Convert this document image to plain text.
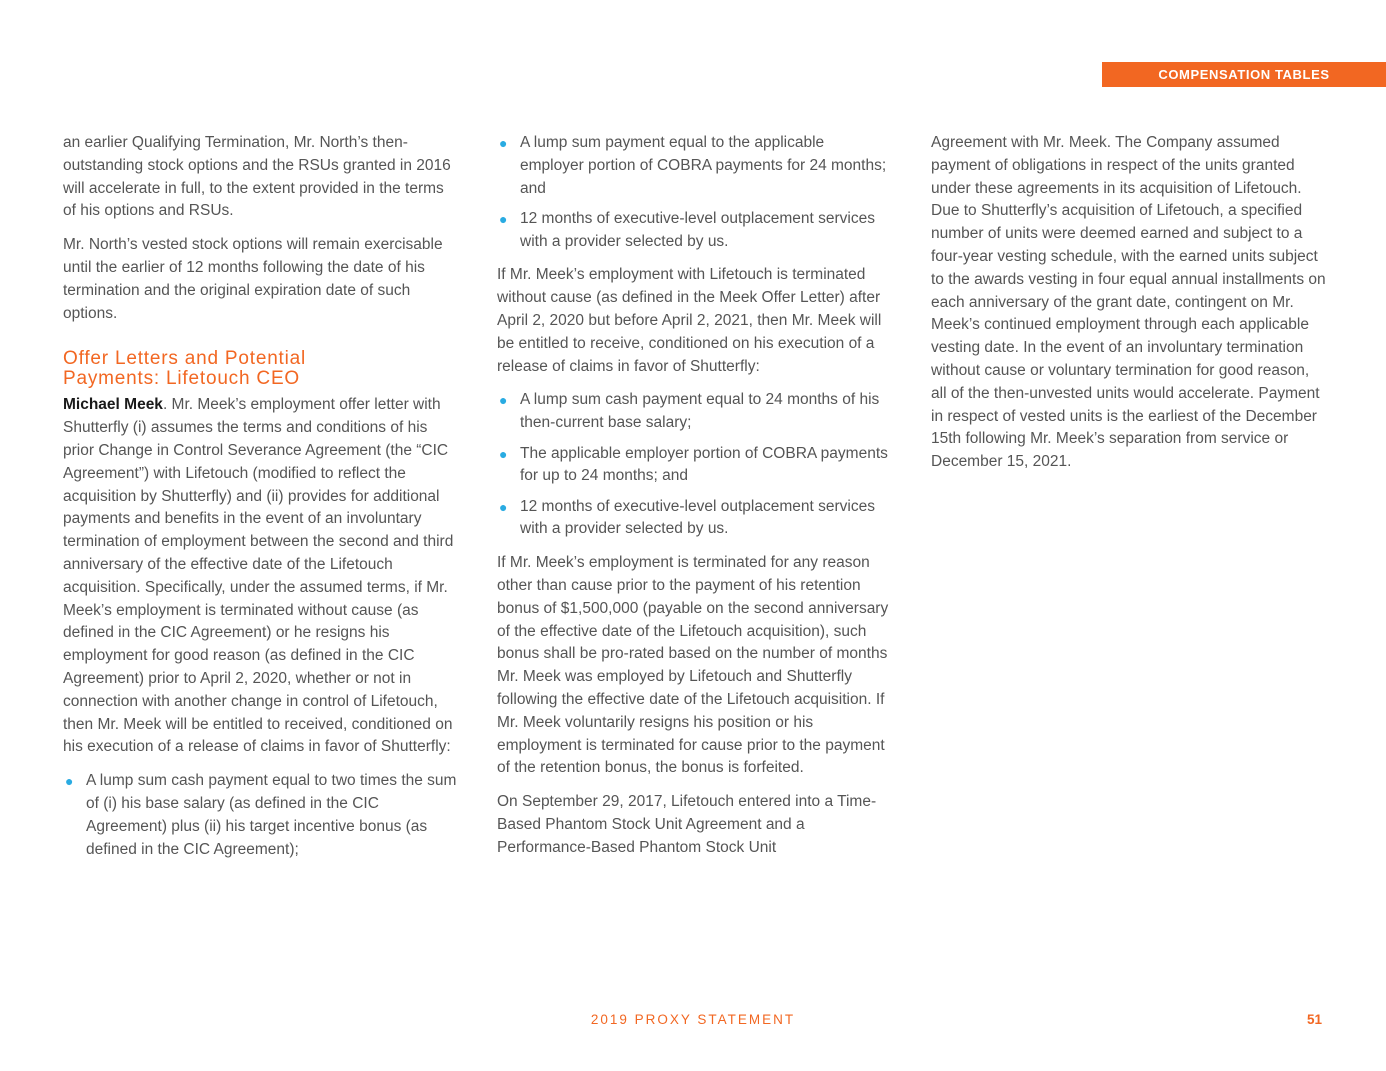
COMPENSATION TABLES

an earlier Qualifying Termination, Mr. North’s then-outstanding stock options and the RSUs granted in 2016 will accelerate in full, to the extent provided in the terms of his options and RSUs.

Mr. North’s vested stock options will remain exercisable until the earlier of 12 months following the date of his termination and the original expiration date of such options.

Offer Letters and Potential
Payments: Lifetouch CEO

Michael Meek. Mr. Meek’s employment offer letter with Shutterfly (i) assumes the terms and conditions of his prior Change in Control Severance Agreement (the “CIC Agreement”) with Lifetouch (modified to reflect the acquisition by Shutterfly) and (ii) provides for additional payments and benefits in the event of an involuntary termination of employment between the second and third anniversary of the effective date of the Lifetouch acquisition. Specifically, under the assumed terms, if Mr. Meek’s employment is terminated without cause (as defined in the CIC Agreement) or he resigns his employment for good reason (as defined in the CIC Agreement) prior to April 2, 2020, whether or not in connection with another change in control of Lifetouch, then Mr. Meek will be entitled to received, conditioned on his execution of a release of claims in favor of Shutterfly:

● A lump sum cash payment equal to two times the sum of (i) his base salary (as defined in the CIC Agreement) plus (ii) his target incentive bonus (as defined in the CIC Agreement);
● A lump sum payment equal to the applicable employer portion of COBRA payments for 24 months; and
● 12 months of executive-level outplacement services with a provider selected by us.

If Mr. Meek’s employment with Lifetouch is terminated without cause (as defined in the Meek Offer Letter) after April 2, 2020 but before April 2, 2021, then Mr. Meek will be entitled to receive, conditioned on his execution of a release of claims in favor of Shutterfly:

● A lump sum cash payment equal to 24 months of his then-current base salary;
● The applicable employer portion of COBRA payments for up to 24 months; and
● 12 months of executive-level outplacement services with a provider selected by us.

If Mr. Meek’s employment is terminated for any reason other than cause prior to the payment of his retention bonus of $1,500,000 (payable on the second anniversary of the effective date of the Lifetouch acquisition), such bonus shall be pro-rated based on the number of months Mr. Meek was employed by Lifetouch and Shutterfly following the effective date of the Lifetouch acquisition. If Mr. Meek voluntarily resigns his position or his employment is terminated for cause prior to the payment of the retention bonus, the bonus is forfeited.

On September 29, 2017, Lifetouch entered into a Time-Based Phantom Stock Unit Agreement and a Performance-Based Phantom Stock Unit

Agreement with Mr. Meek. The Company assumed payment of obligations in respect of the units granted under these agreements in its acquisition of Lifetouch. Due to Shutterfly’s acquisition of Lifetouch, a specified number of units were deemed earned and subject to a four-year vesting schedule, with the earned units subject to the awards vesting in four equal annual installments on each anniversary of the grant date, contingent on Mr. Meek’s continued employment through each applicable vesting date. In the event of an involuntary termination without cause or voluntary termination for good reason, all of the then-unvested units would accelerate. Payment in respect of vested units is the earliest of the December 15th following Mr. Meek’s separation from service or December 15, 2021.

2019 PROXY STATEMENT	51
